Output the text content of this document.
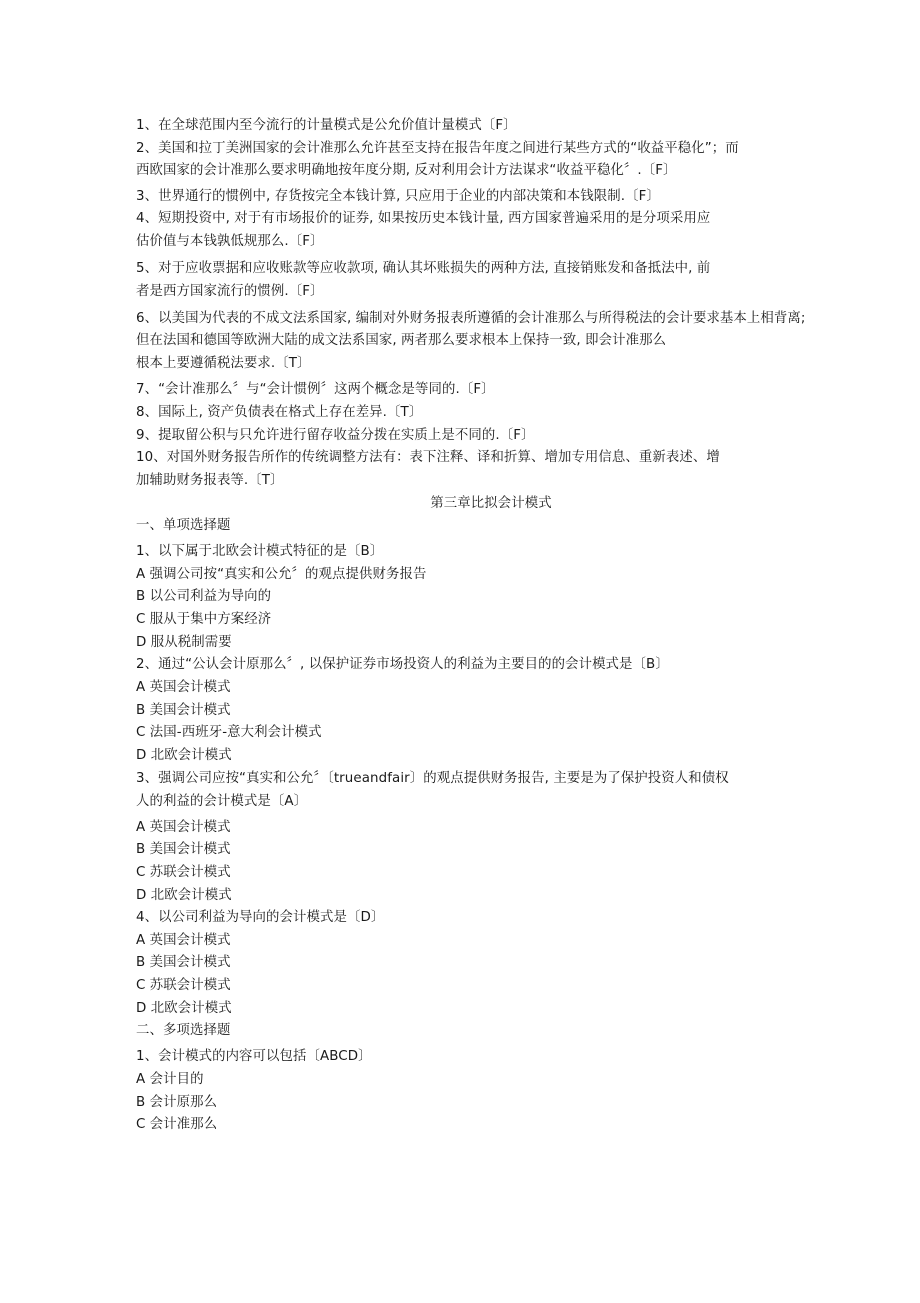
1、在全球范围内至今流行的计量模式是公允价值计量模式〔F〕
2、美国和拉丁美洲国家的会计准那么允许甚至支持在报告年度之间进行某些方式的“收益平稳化”；而
西欧国家的会计准那么要求明确地按年度分期, 反对利用会计方法谋求“收益平稳化〞.〔F〕
3、世界通行的惯例中, 存货按完全本钱计算, 只应用于企业的内部决策和本钱限制.〔F〕
4、短期投资中, 对于有市场报价的证券, 如果按历史本钱计量, 西方国家普遍采用的是分项采用应
估价值与本钱孰低规那么.〔F〕
5、对于应收票据和应收账款等应收款项, 确认其坏账损失的两种方法, 直接销账发和备抵法中, 前
者是西方国家流行的惯例.〔F〕
6、以美国为代表的不成文法系国家, 编制对外财务报表所遵循的会计准那么与所得税法的会计要求基本上相背离;
但在法国和德国等欧洲大陆的成文法系国家, 两者那么要求根本上保持一致, 即会计准那么
根本上要遵循税法要求.〔T〕
7、“会计准那么〞与“会计惯例〞这两个概念是等同的.〔F〕
8、国际上, 资产负债表在格式上存在差异.〔T〕
9、提取留公积与只允许进行留存收益分拨在实质上是不同的.〔F〕
10、对国外财务报告所作的传统调整方法有：表下注释、译和折算、增加专用信息、重新表述、增
加辅助财务报表等.〔T〕
第三章比拟会计模式
一、单项选择题
1、以下属于北欧会计模式特征的是〔B〕
A 强调公司按“真实和公允〞的观点提供财务报告
B 以公司利益为导向的
C 服从于集中方案经济
D 服从税制需要
2、通过“公认会计原那么〞, 以保护证券市场投资人的利益为主要目的的会计模式是〔B〕
A 英国会计模式
B 美国会计模式
C 法国-西班牙-意大利会计模式
D 北欧会计模式
3、强调公司应按“真实和公允〞〔trueandfair〕的观点提供财务报告, 主要是为了保护投资人和债权
人的利益的会计模式是〔A〕
A 英国会计模式
B 美国会计模式
C 苏联会计模式
D 北欧会计模式
4、以公司利益为导向的会计模式是〔D〕
A 英国会计模式
B 美国会计模式
C 苏联会计模式
D 北欧会计模式
二、多项选择题
1、会计模式的内容可以包括〔ABCD〕
A 会计目的
B 会计原那么
C 会计准那么
